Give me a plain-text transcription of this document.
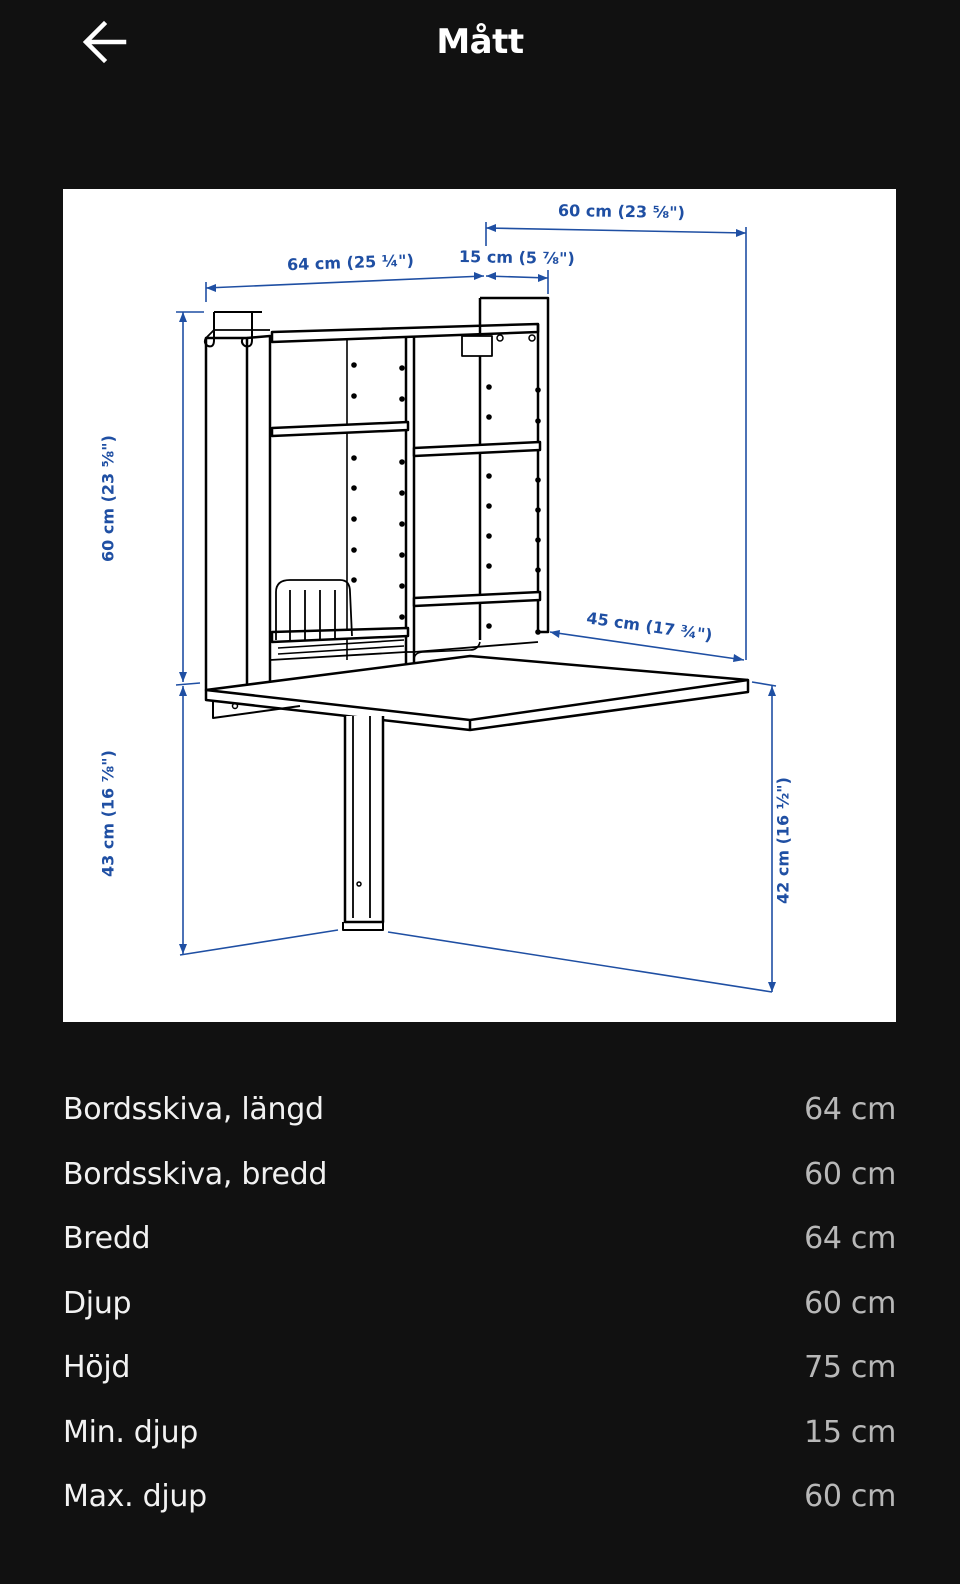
Mått
60 cm (23 ⅝")
64 cm (25 ¼")	15 cm (5 ⅞")
60 cm (23 ⅝")
45 cm (17 ¾")
43 cm (16 ⅞")	42 cm (16 ½")
Bordsskiva, längd	64 cm
Bordsskiva, bredd	60 cm
Bredd	64 cm
Djup	60 cm
Höjd	75 cm
Min. djup	15 cm
Max. djup	60 cm
